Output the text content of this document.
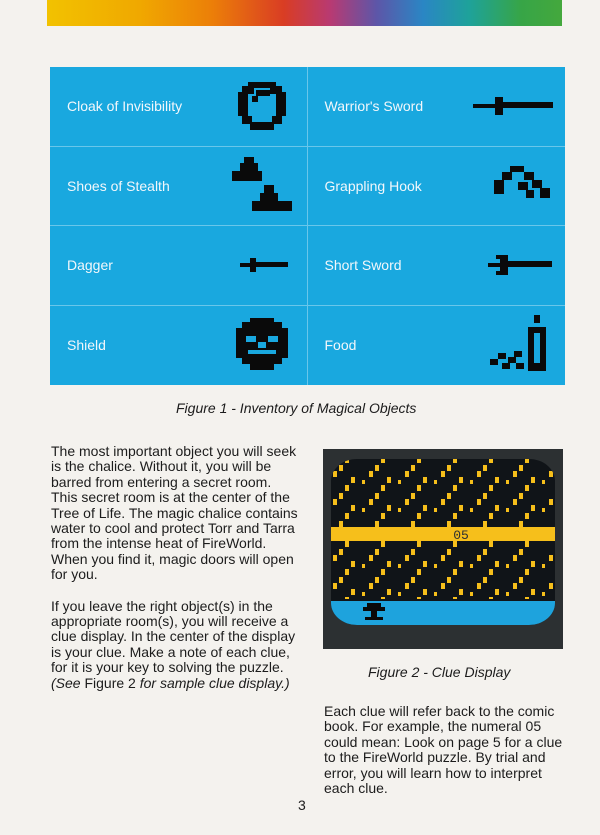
Cloak of Invisibility	Warrior's Sword
Shoes of Stealth	Grappling Hook
Dagger	Short Sword
Shield	Food
Figure 1 - Inventory of Magical Objects

The most important object you will seek is the chalice. Without it, you will be barred from entering a secret room. This secret room is at the center of the Tree of Life. The magic chalice contains water to cool and protect Torr and Tarra from the intense heat of FireWorld. When you find it, magic doors will open for you.

If you leave the right object(s) in the appropriate room(s), you will receive a clue display. In the center of the display is your clue. Make a note of each clue, for it is your key to solving the puzzle.
(See Figure 2 for sample clue display.)

05
Figure 2 - Clue Display

Each clue will refer back to the comic book. For example, the numeral 05 could mean: Look on page 5 for a clue to the FireWorld puzzle. By trial and error, you will learn how to interpret each clue.

3
